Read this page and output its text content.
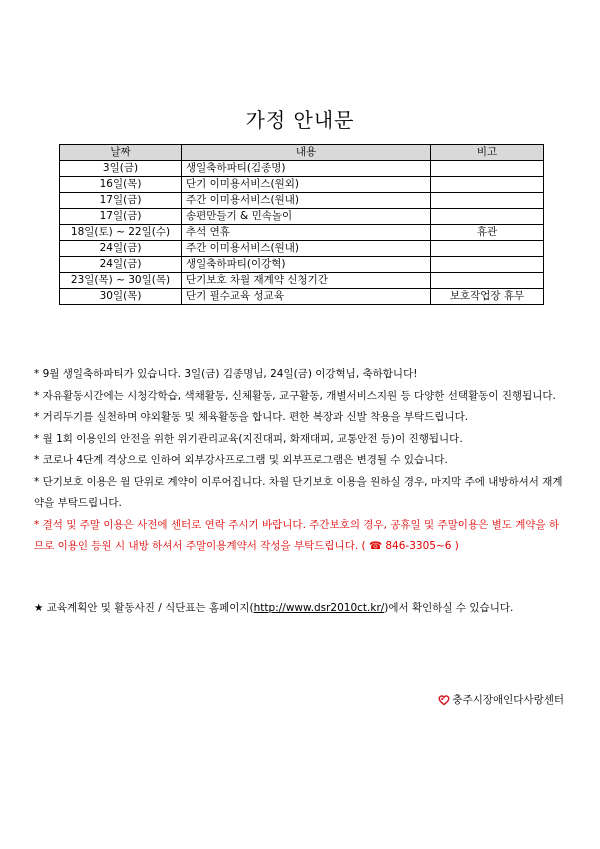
가정 안내문
날짜	내용	비고
3일(금)	생일축하파티(김종명)	
16일(목)	단기 이미용서비스(원외)	
17일(금)	주간 이미용서비스(원내)	
17일(금)	송편만들기 & 민속놀이	
18일(토) ~ 22일(수)	추석 연휴	휴관
24일(금)	주간 이미용서비스(원내)	
24일(금)	생일축하파티(이강혁)	
23일(목) ~ 30일(목)	단기보호 차월 재계약 신청기간	
30일(목)	단기 필수교육 성교육	보호작업장 휴무

* 9월 생일축하파티가 있습니다. 3일(금) 김종명님, 24일(금) 이강혁님, 축하합니다!

* 자유활동시간에는 시청각학습, 색채활동, 신체활동, 교구활동, 개별서비스지원 등 다양한 선택활동이 진행됩니다.

* 거리두기를 실천하며 야외활동 및 체육활동을 합니다. 편한 복장과 신발 착용을 부탁드립니다.

* 월 1회 이용인의 안전을 위한 위기관리교육(지진대피, 화재대피, 교통안전 등)이 진행됩니다.

* 코로나 4단계 격상으로 인하여 외부강사프로그램 및 외부프로그램은 변경될 수 있습니다.

* 단기보호 이용은 월 단위로 계약이 이루어집니다. 차월 단기보호 이용을 원하실 경우, 마지막 주에 내방하셔서 재계약을 부탁드립니다.

* 결석 및 주말 이용은 사전에 센터로 연락 주시기 바랍니다. 주간보호의 경우, 공휴일 및 주말이용은 별도 계약을 하므로 이용인 등원 시 내방 하셔서 주말이용계약서 작성을 부탁드립니다. ( ☎ 846-3305~6 )

★ 교육계획안 및 활동사진 / 식단표는 홈페이지(http://www.dsr2010ct.kr/)에서 확인하실 수 있습니다.
충주시장애인다사랑센터
